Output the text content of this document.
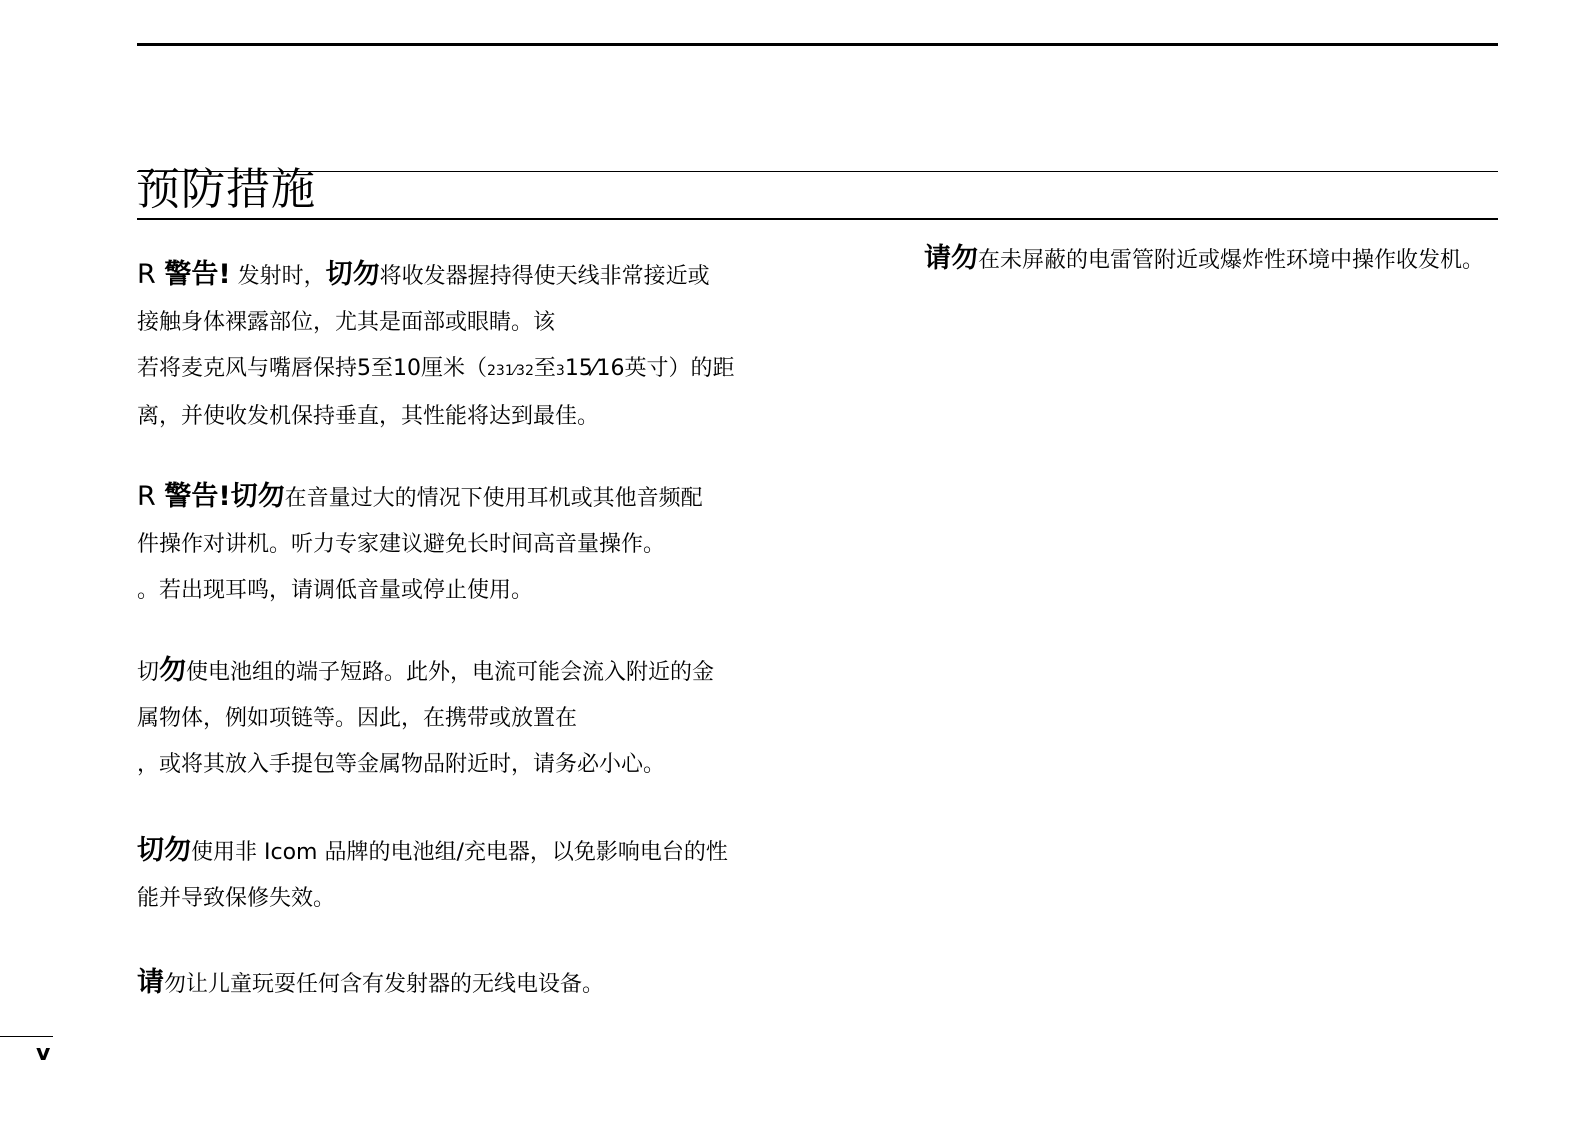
预防措施
R 警告! 发射时，切勿将收发器握持得使天线非常接近或
接触身体裸露部位，尤其是面部或眼睛。该
若将麦克风与嘴唇保持5至10厘米（231⁄32至315⁄16英寸）的距
离，并使收发机保持垂直，其性能将达到最佳。
R 警告!切勿在音量过大的情况下使用耳机或其他音频配
件操作对讲机。听力专家建议避免长时间高音量操作。
。若出现耳鸣，请调低音量或停止使用。
切勿使电池组的端子短路。此外，电流可能会流入附近的金
属物体，例如项链等。因此，在携带或放置在
，或将其放入手提包等金属物品附近时，请务必小心。
切勿使用非 Icom 品牌的电池组/充电器，以免影响电台的性
能并导致保修失效。
请勿让儿童玩耍任何含有发射器的无线电设备。
请勿在未屏蔽的电雷管附近或爆炸性环境中操作收发机。
v
